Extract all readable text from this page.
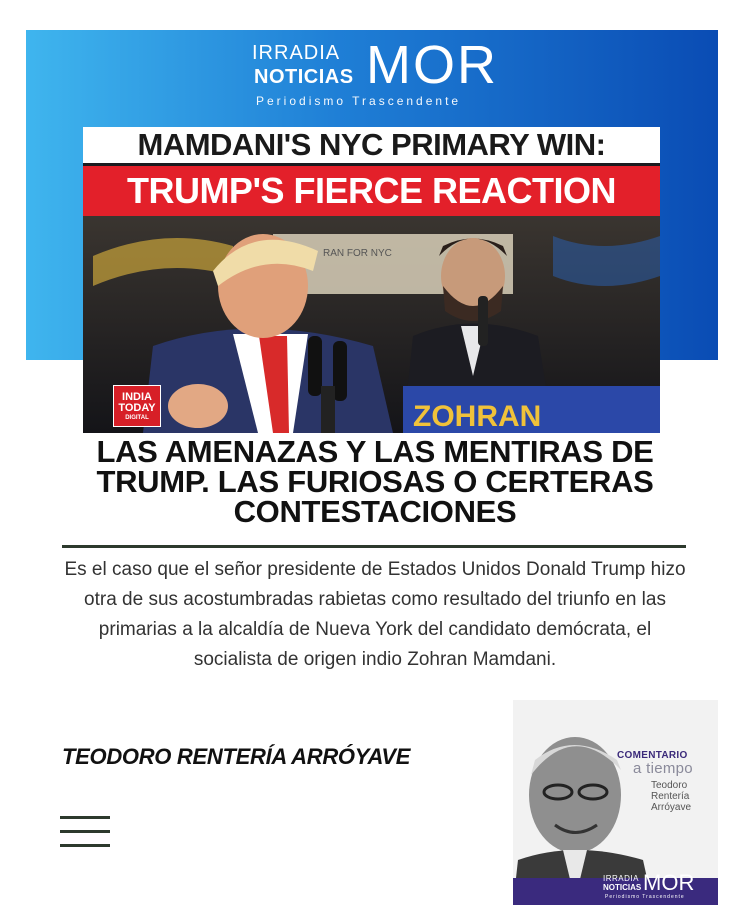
IRRADIA
NOTICIAS MOR
Periodismo Trascendente
MAMDANI'S NYC PRIMARY WIN:
TRUMP'S FIERCE REACTION
RAN FOR NYC
ZOHRAN
INDIA
TODAY
DIGITAL
LAS AMENAZAS Y LAS MENTIRAS DE TRUMP. LAS FURIOSAS O CERTERAS CONTESTACIONES

Es el caso que el señor presidente de Estados Unidos Donald Trump hizo otra de sus acostumbradas rabietas como resultado del triunfo en las primarias a la alcaldía de Nueva York del candidato demócrata, el socialista de origen indio Zohran Mamdani.

TEODORO RENTERÍA ARRÓYAVE	COMENTARIO
a tiempo
Teodoro
Rentería
Arróyave
IRRADIA
NOTICIAS MOR
Periodismo Trascendente
